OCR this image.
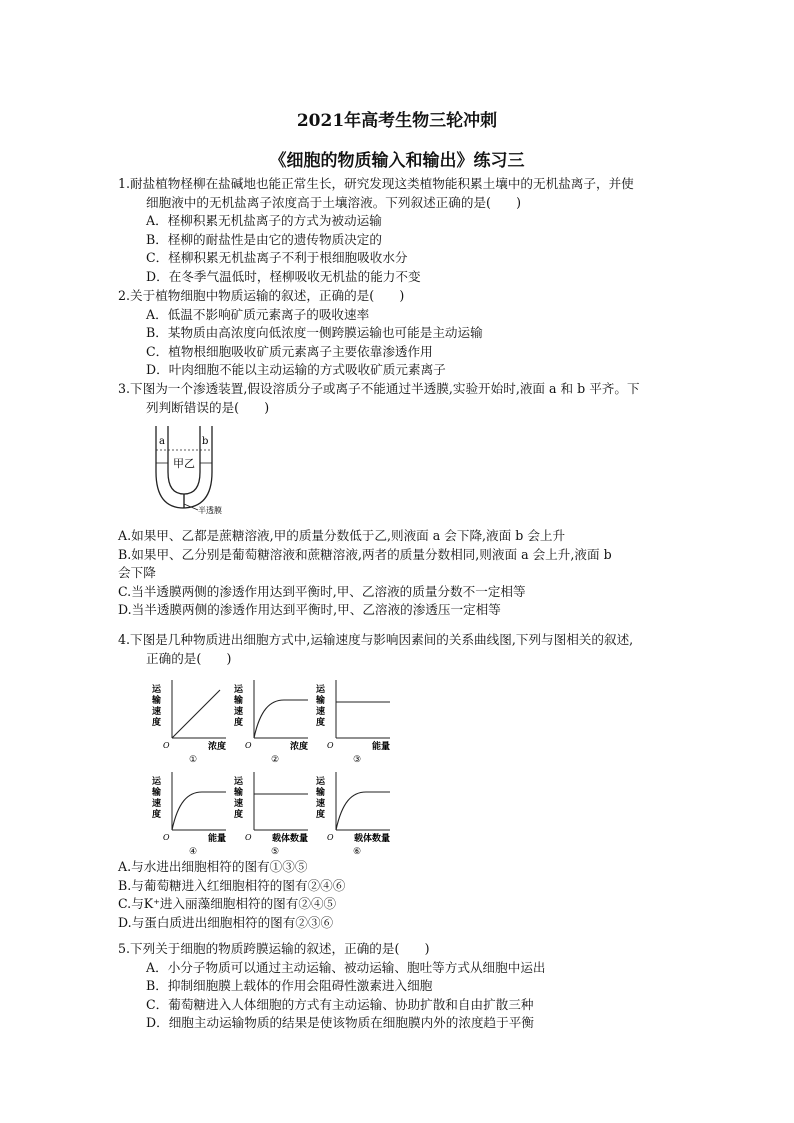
2021年高考生物三轮冲刺
《细胞的物质输入和输出》练习三

1.耐盐植物柽柳在盐碱地也能正常生长，研究发现这类植物能积累土壤中的无机盐离子，并使

细胞液中的无机盐离子浓度高于土壤溶液。下列叙述正确的是(　　)

A．柽柳积累无机盐离子的方式为被动运输

B．柽柳的耐盐性是由它的遗传物质决定的

C．柽柳积累无机盐离子不利于根细胞吸收水分

D．在冬季气温低时，柽柳吸收无机盐的能力不变

2.关于植物细胞中物质运输的叙述，正确的是(　　)

A．低温不影响矿质元素离子的吸收速率

B．某物质由高浓度向低浓度一侧跨膜运输也可能是主动运输

C．植物根细胞吸收矿质元素离子主要依靠渗透作用

D．叶肉细胞不能以主动运输的方式吸收矿质元素离子

3.下图为一个渗透装置,假设溶质分子或离子不能通过半透膜,实验开始时,液面 a 和 b 平齐。下

列判断错误的是(　　)

a	b
甲乙
半透膜

A.如果甲、乙都是蔗糖溶液,甲的质量分数低于乙,则液面 a 会下降,液面 b 会上升

B.如果甲、乙分别是葡萄糖溶液和蔗糖溶液,两者的质量分数相同,则液面 a 会上升,液面 b

会下降

C.当半透膜两侧的渗透作用达到平衡时,甲、乙溶液的质量分数不一定相等

D.当半透膜两侧的渗透作用达到平衡时,甲、乙溶液的渗透压一定相等

4.下图是几种物质进出细胞方式中,运输速度与影响因素间的关系曲线图,下列与图相关的叙述,

正确的是(　　)

运
输
速
度
O	浓度
①
运
输
速
度
O	浓度
②
运
输
速
度
O	能量
③
运
输
速
度
O	能量
④
运
输
速
度
O 载体数量
⑤
运
输
速
度
O 载体数量
⑥

A.与水进出细胞相符的图有①③⑤

B.与葡萄糖进入红细胞相符的图有②④⑥

C.与K⁺进入丽藻细胞相符的图有②④⑤

D.与蛋白质进出细胞相符的图有②③⑥

5.下列关于细胞的物质跨膜运输的叙述，正确的是(　　)

A．小分子物质可以通过主动运输、被动运输、胞吐等方式从细胞中运出

B．抑制细胞膜上载体的作用会阻碍性激素进入细胞

C．葡萄糖进入人体细胞的方式有主动运输、协助扩散和自由扩散三种

D．细胞主动运输物质的结果是使该物质在细胞膜内外的浓度趋于平衡
